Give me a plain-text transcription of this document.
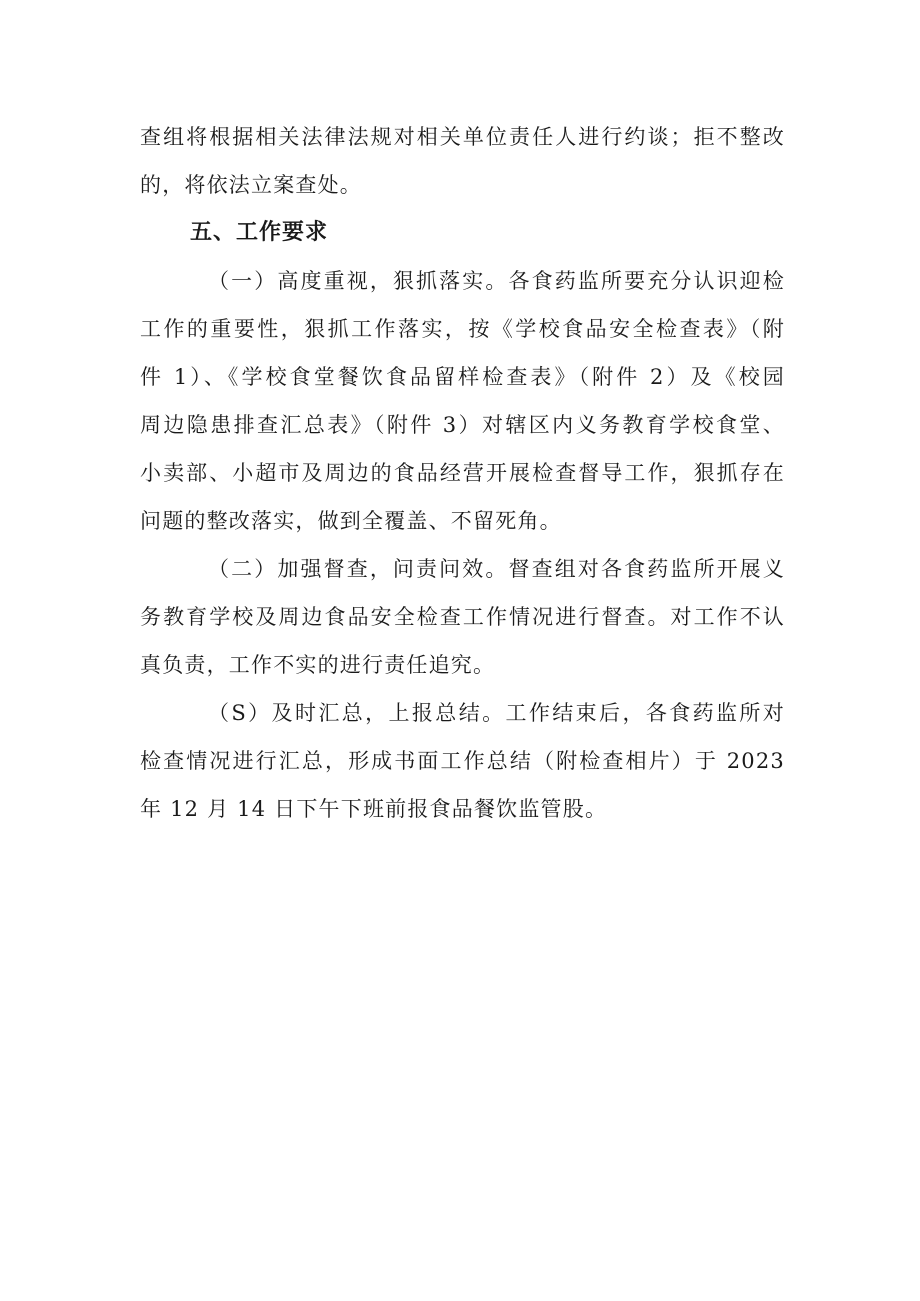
查组将根据相关法律法规对相关单位责任人进行约谈；拒不整改
的，将依法立案查处。
五、工作要求
（一）高度重视，狠抓落实。各食药监所要充分认识迎检
工作的重要性，狠抓工作落实，按《学校食品安全检查表》（附
件 1）、《学校食堂餐饮食品留样检查表》（附件 2）及《校园
周边隐患排查汇总表》（附件 3）对辖区内义务教育学校食堂、
小卖部、小超市及周边的食品经营开展检查督导工作，狠抓存在
问题的整改落实，做到全覆盖、不留死角。
（二）加强督查，问责问效。督查组对各食药监所开展义
务教育学校及周边食品安全检查工作情况进行督查。对工作不认
真负责，工作不实的进行责任追究。
（S）及时汇总，上报总结。工作结束后，各食药监所对
检查情况进行汇总，形成书面工作总结（附检查相片）于 2023
年 12 月 14 日下午下班前报食品餐饮监管股。
